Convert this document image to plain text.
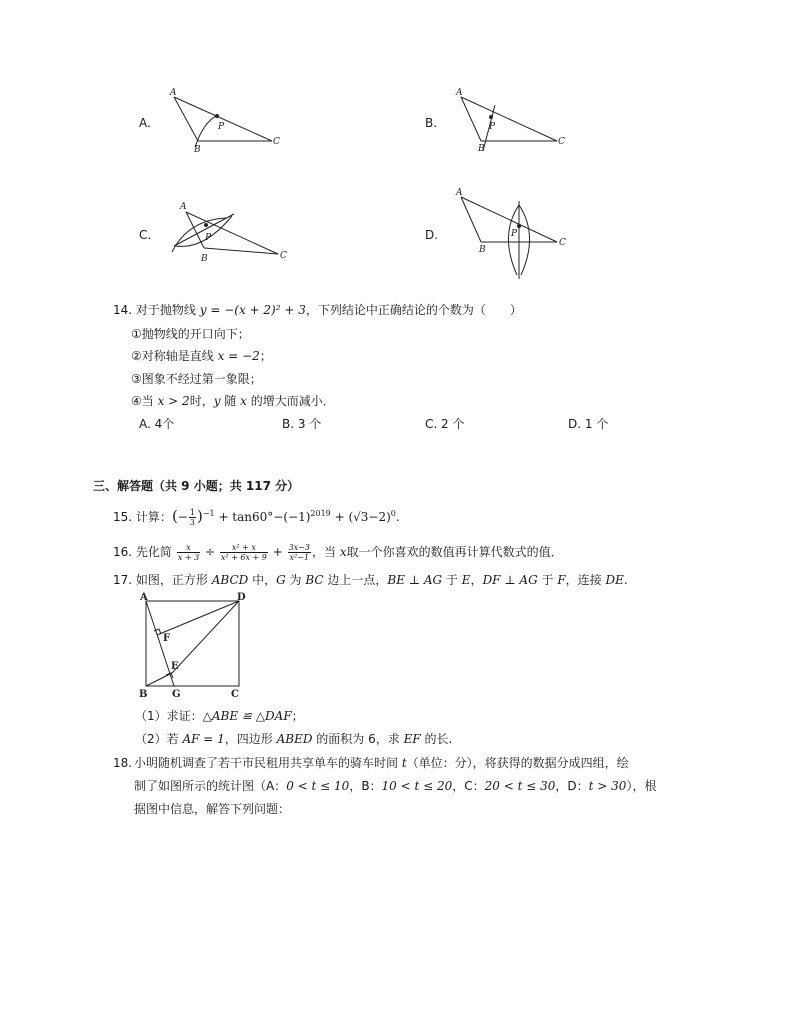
A.
A
B
C
P	B.
A
B
C
P
C.
A
B	C
P	D.
A
B
C
P
14. 对于抛物线 y = −(x + 2)² + 3，下列结论中正确结论的个数为（　　）
①抛物线的开口向下；
②对称轴是直线 x = −2；
③图象不经过第一象限；
④当 x > 2时，y 随 x 的增大而减小．
A. 4个	B. 3 个	C. 2 个	D. 1 个
三、解答题（共 9 小题；共 117 分）
15. 计算：(− $\frac{1}{3} )^{-1} + \tan 60^\circ-(-1)^{2019} + (√3-2)^0$.
16. 先化简 $\frac{x}{x + 3} \div \frac{\text{x² + x}}{\text{x² + 6x + 9}} + \frac{3x-3}{\text{x²−1}}$ ，当 x取一个你喜欢的数值再计算代数式的值．
17. 如图，正方形 ABCD 中，G 为 BC 边上一点，BE ⊥ AG 于 E，DF ⊥ AG 于 F，连接 DE.
A	D
F
E
B G	C
（1）求证：△ABE ≌ △DAF；
（2）若 AF = 1，四边形 ABED 的面积为 6，求 EF 的长.
18. 小明随机调查了若干市民租用共享单车的骑车时间 t（单位：分），将获得的数据分成四组，绘
制了如图所示的统计图（A：0 < t ≤ 10，B：10 < t ≤ 20，C：20 < t ≤ 30，D：t > 30），根
据图中信息，解答下列问题：
